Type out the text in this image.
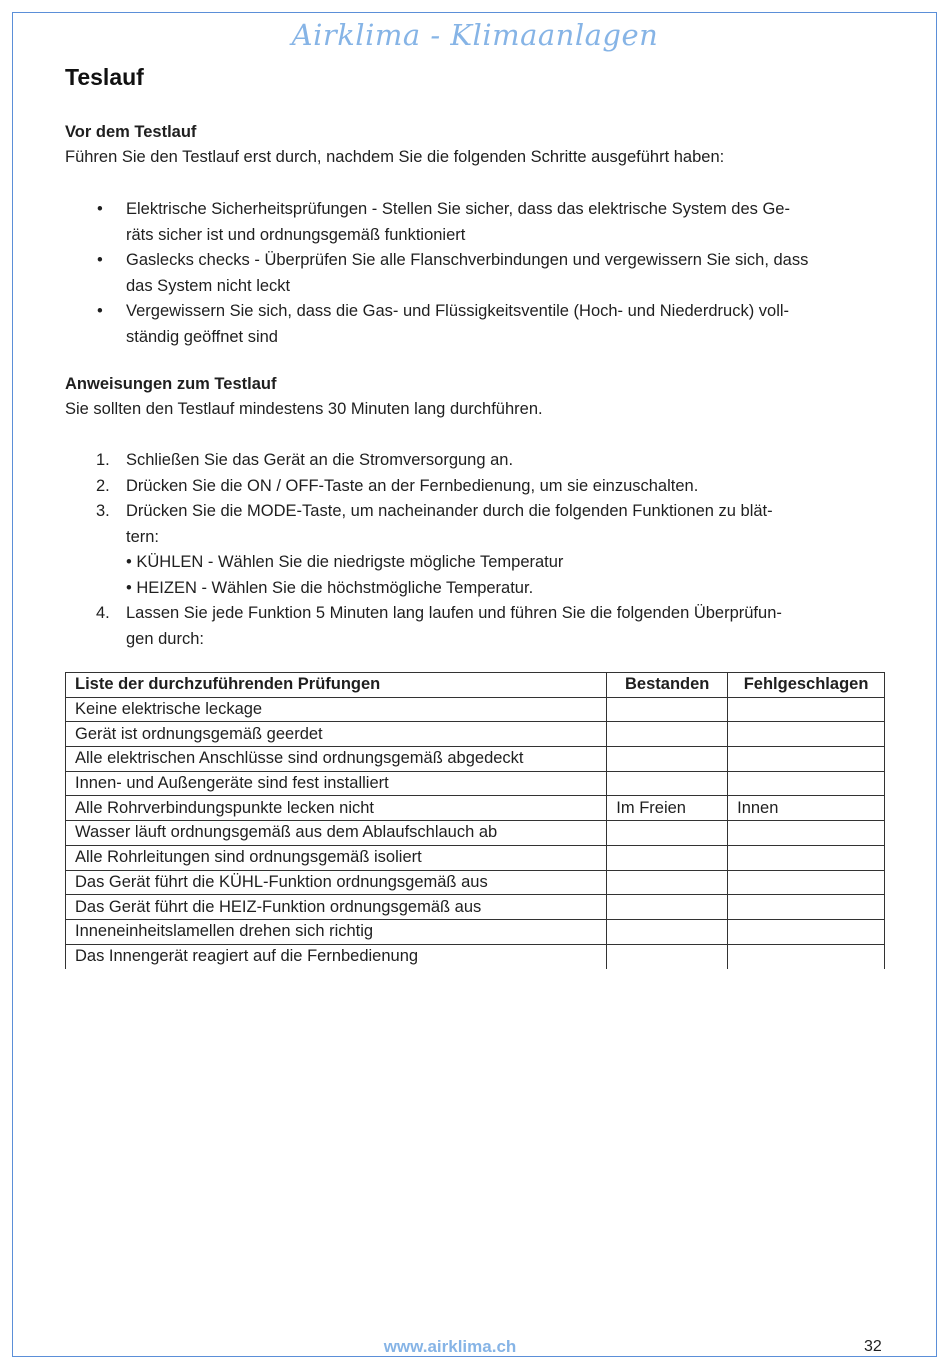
Airklima - Klimaanlagen
Teslauf
Vor dem Testlauf
Führen Sie den Testlauf erst durch, nachdem Sie die folgenden Schritte ausgeführt haben:
• Elektrische Sicherheitsprüfungen - Stellen Sie sicher, dass das elektrische System des Ge-
räts sicher ist und ordnungsgemäß funktioniert
• Gaslecks checks - Überprüfen Sie alle Flanschverbindungen und vergewissern Sie sich, dass
das System nicht leckt
• Vergewissern Sie sich, dass die Gas- und Flüssigkeitsventile (Hoch- und Niederdruck) voll-
ständig geöffnet sind
Anweisungen zum Testlauf
Sie sollten den Testlauf mindestens 30 Minuten lang durchführen.
1. Schließen Sie das Gerät an die Stromversorgung an.
2. Drücken Sie die ON / OFF-Taste an der Fernbedienung, um sie einzuschalten.
3. Drücken Sie die MODE-Taste, um nacheinander durch die folgenden Funktionen zu blät-
tern:
• KÜHLEN - Wählen Sie die niedrigste mögliche Temperatur
• HEIZEN - Wählen Sie die höchstmögliche Temperatur.
4. Lassen Sie jede Funktion 5 Minuten lang laufen und führen Sie die folgenden Überprüfun-
gen durch:
Liste der durchzuführenden Prüfungen	Bestanden	Fehlgeschlagen
Keine elektrische leckage		
Gerät ist ordnungsgemäß geerdet		
Alle elektrischen Anschlüsse sind ordnungsgemäß abgedeckt		
Innen- und Außengeräte sind fest installiert		
Alle Rohrverbindungspunkte lecken nicht	Im Freien	Innen
Wasser läuft ordnungsgemäß aus dem Ablaufschlauch ab		
Alle Rohrleitungen sind ordnungsgemäß isoliert		
Das Gerät führt die KÜHL-Funktion ordnungsgemäß aus		
Das Gerät führt die HEIZ-Funktion ordnungsgemäß aus		
Inneneinheitslamellen drehen sich richtig		
Das Innengerät reagiert auf die Fernbedienung		
www.airklima.ch	32
